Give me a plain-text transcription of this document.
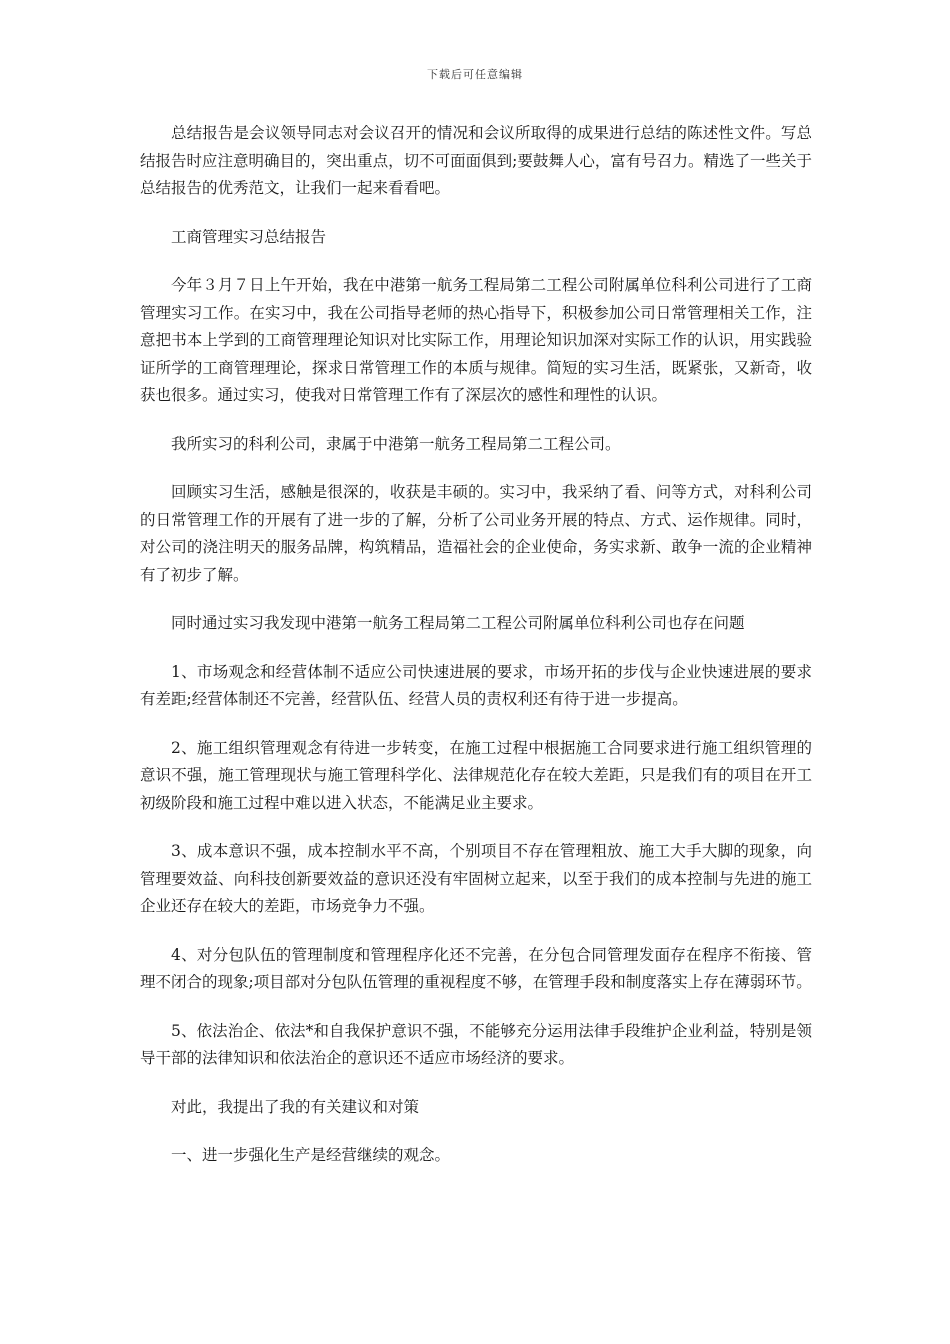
下载后可任意编辑

总结报告是会议领导同志对会议召开的情况和会议所取得的成果进行总结的陈述性文件。写总结报告时应注意明确目的，突出重点，切不可面面俱到;要鼓舞人心，富有号召力。精选了一些关于总结报告的优秀范文，让我们一起来看看吧。

工商管理实习总结报告

今年３月７日上午开始，我在中港第一航务工程局第二工程公司附属单位科利公司进行了工商管理实习工作。在实习中，我在公司指导老师的热心指导下，积极参加公司日常管理相关工作，注意把书本上学到的工商管理理论知识对比实际工作，用理论知识加深对实际工作的认识，用实践验证所学的工商管理理论，探求日常管理工作的本质与规律。简短的实习生活，既紧张，又新奇，收获也很多。通过实习，使我对日常管理工作有了深层次的感性和理性的认识。

我所实习的科利公司，隶属于中港第一航务工程局第二工程公司。

回顾实习生活，感触是很深的，收获是丰硕的。实习中，我采纳了看、问等方式，对科利公司的日常管理工作的开展有了进一步的了解，分析了公司业务开展的特点、方式、运作规律。同时，对公司的浇注明天的服务品牌，构筑精品，造福社会的企业使命，务实求新、敢争一流的企业精神有了初步了解。

同时通过实习我发现中港第一航务工程局第二工程公司附属单位科利公司也存在问题

1、市场观念和经营体制不适应公司快速进展的要求，市场开拓的步伐与企业快速进展的要求有差距;经营体制还不完善，经营队伍、经营人员的责权利还有待于进一步提高。

2、施工组织管理观念有待进一步转变，在施工过程中根据施工合同要求进行施工组织管理的意识不强，施工管理现状与施工管理科学化、法律规范化存在较大差距，只是我们有的项目在开工初级阶段和施工过程中难以进入状态，不能满足业主要求。

3、成本意识不强，成本控制水平不高，个别项目不存在管理粗放、施工大手大脚的现象，向管理要效益、向科技创新要效益的意识还没有牢固树立起来，以至于我们的成本控制与先进的施工企业还存在较大的差距，市场竞争力不强。

4、对分包队伍的管理制度和管理程序化还不完善，在分包合同管理发面存在程序不衔接、管理不闭合的现象;项目部对分包队伍管理的重视程度不够，在管理手段和制度落实上存在薄弱环节。

5、依法治企、依法*和自我保护意识不强，不能够充分运用法律手段维护企业利益，特别是领导干部的法律知识和依法治企的意识还不适应市场经济的要求。

对此，我提出了我的有关建议和对策

一、进一步强化生产是经营继续的观念。
